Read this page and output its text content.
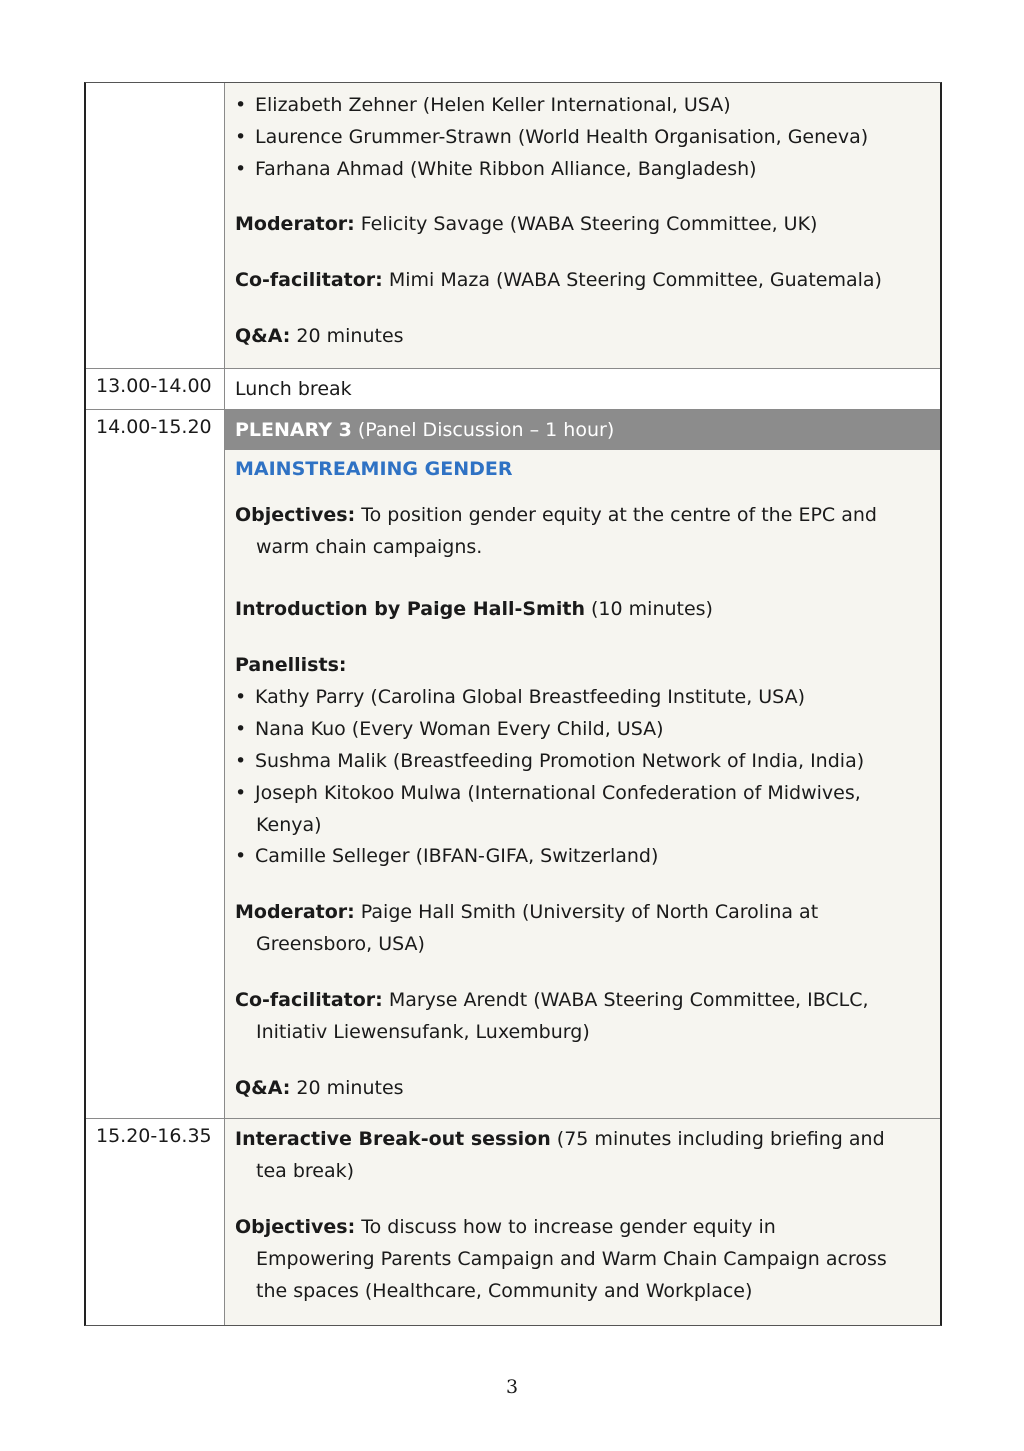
• Elizabeth Zehner (Helen Keller International, USA)
• Laurence Grummer-Strawn (World Health Organisation, Geneva)
• Farhana Ahmad (White Ribbon Alliance, Bangladesh)
Moderator: Felicity Savage (WABA Steering Committee, UK)
Co-facilitator: Mimi Maza (WABA Steering Committee, Guatemala)
Q&A: 20 minutes
13.00-14.00 Lunch break
14.00-15.20	PLENARY 3 (Panel Discussion – 1 hour)
MAINSTREAMING GENDER
Objectives: To position gender equity at the centre of the EPC and
warm chain campaigns.
Introduction by Paige Hall-Smith (10 minutes)
Panellists:
• Kathy Parry (Carolina Global Breastfeeding Institute, USA)
• Nana Kuo (Every Woman Every Child, USA)
• Sushma Malik (Breastfeeding Promotion Network of India, India)
• Joseph Kitokoo Mulwa (International Confederation of Midwives,
Kenya)
• Camille Selleger (IBFAN-GIFA, Switzerland)
Moderator: Paige Hall Smith (University of North Carolina at
Greensboro, USA)
Co-facilitator: Maryse Arendt (WABA Steering Committee, IBCLC,
Initiativ Liewensufank, Luxemburg)
Q&A: 20 minutes
15.20-16.35 Interactive Break-out session (75 minutes including briefing and
tea break)
Objectives: To discuss how to increase gender equity in
Empowering Parents Campaign and Warm Chain Campaign across
the spaces (Healthcare, Community and Workplace)
3
